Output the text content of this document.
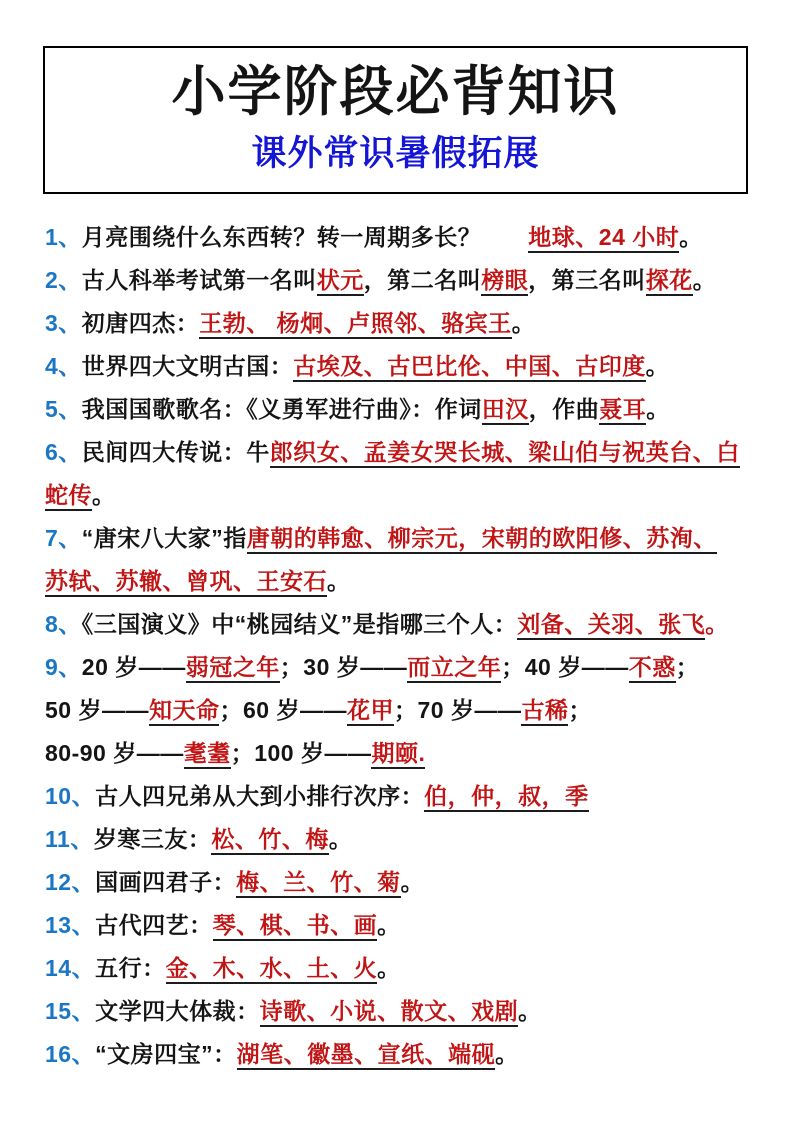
小学阶段必背知识
课外常识暑假拓展
1、月亮围绕什么东西转？转一周期多长？　　地球、24 小时。
2、古人科举考试第一名叫状元，第二名叫榜眼，第三名叫探花。
3、初唐四杰：王勃、 杨炯、卢照邻、骆宾王。
4、世界四大文明古国：古埃及、古巴比伦、中国、古印度。
5、我国国歌歌名：《义勇军进行曲》：作词田汉，作曲聂耳。
6、民间四大传说：牛郎织女、孟姜女哭长城、梁山伯与祝英台、白
蛇传。
7、“唐宋八大家”指唐朝的韩愈、柳宗元，宋朝的欧阳修、苏洵、
苏轼、苏辙、曾巩、王安石。
8、《三国演义》中“桃园结义”是指哪三个人：刘备、关羽、张飞。
9、20 岁——弱冠之年；30 岁——而立之年；40 岁——不惑；
50 岁——知天命；60 岁——花甲；70 岁——古稀；
80-90 岁——耄耋；100 岁——期颐.
10、古人四兄弟从大到小排行次序：伯，仲，叔，季
11、岁寒三友：松、竹、梅。
12、国画四君子：梅、兰、竹、菊。
13、古代四艺：琴、棋、书、画。
14、五行：金、木、水、土、火。
15、文学四大体裁：诗歌、小说、散文、戏剧。
16、“文房四宝”：湖笔、徽墨、宣纸、端砚。
